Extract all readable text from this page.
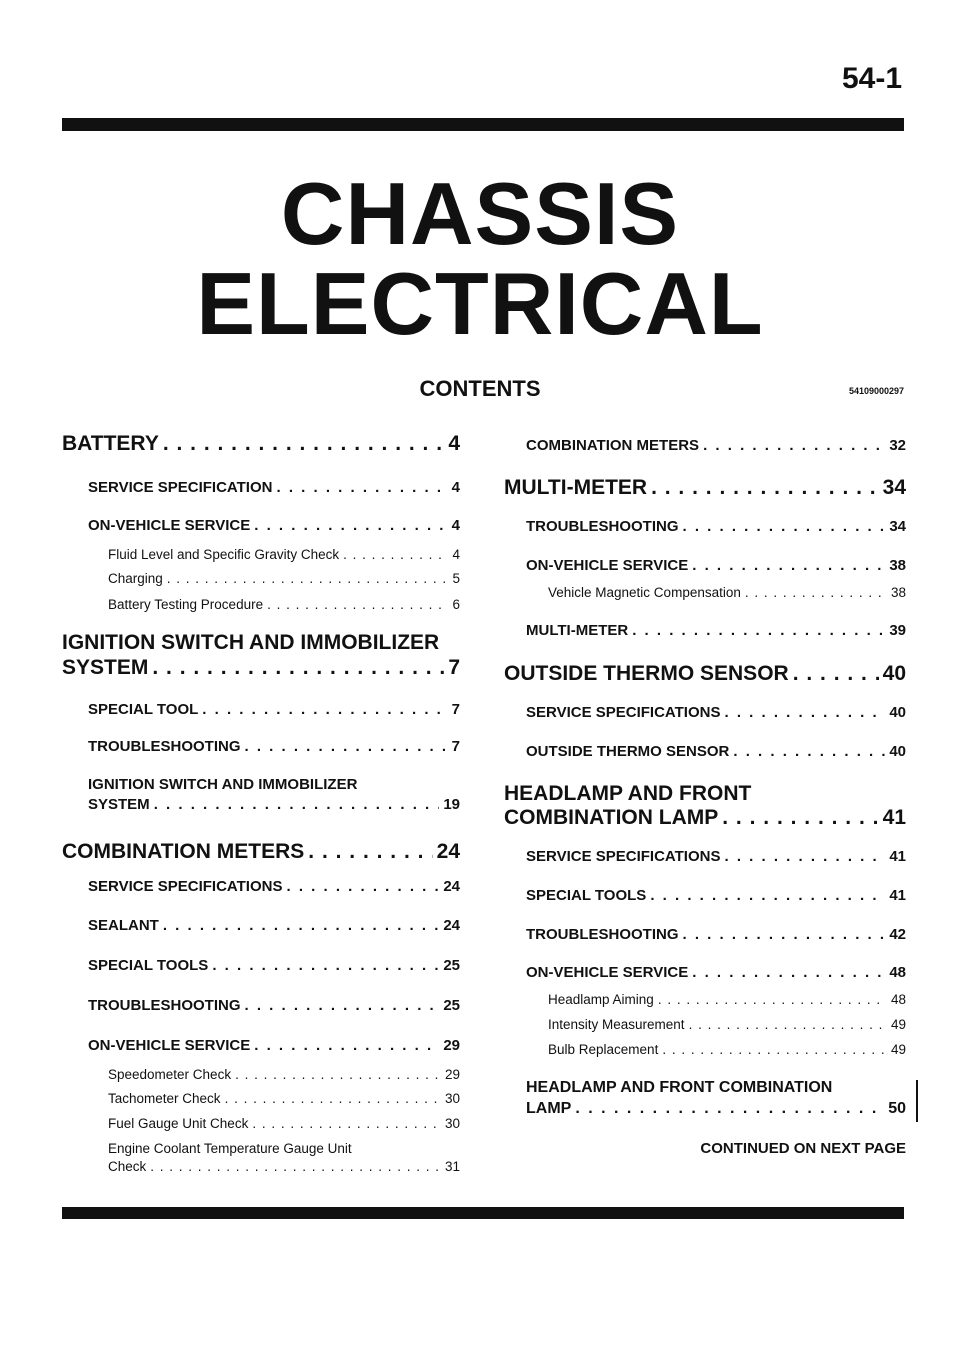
54-1
CHASSIS
ELECTRICAL
CONTENTS	54109000297
BATTERY . . .	4
SERVICE SPECIFICATION . . .	4
ON-VEHICLE SERVICE . . .	4
Fluid Level and Specific Gravity Check . . .	4
Charging . . .	5
Battery Testing Procedure . . .	6
IGNITION SWITCH AND IMMOBILIZER
SYSTEM . . .	7
SPECIAL TOOL . . .	7
TROUBLESHOOTING . . .	7
IGNITION SWITCH AND IMMOBILIZER
SYSTEM . . .	19
COMBINATION METERS . . .	24
SERVICE SPECIFICATIONS . . .	24
SEALANT . . .	24
SPECIAL TOOLS . . .	25
TROUBLESHOOTING . . .	25
ON-VEHICLE SERVICE . . .	29
Speedometer Check . . .	29
Tachometer Check . . .	30
Fuel Gauge Unit Check . . .	30
Engine Coolant Temperature Gauge Unit
Check . . .	31
COMBINATION METERS . . .	32
MULTI-METER . . .	34
TROUBLESHOOTING . . .	34
ON-VEHICLE SERVICE . . .	38
Vehicle Magnetic Compensation . . .	38
MULTI-METER . . .	39
OUTSIDE THERMO SENSOR . . .	40
SERVICE SPECIFICATIONS . . .	40
OUTSIDE THERMO SENSOR . . .	40
HEADLAMP AND FRONT
COMBINATION LAMP . . .	41
SERVICE SPECIFICATIONS . . .	41
SPECIAL TOOLS . . .	41
TROUBLESHOOTING . . .	42
ON-VEHICLE SERVICE . . .	48
Headlamp Aiming . . .	48
Intensity Measurement . . .	49
Bulb Replacement . . .	49
HEADLAMP AND FRONT COMBINATION
LAMP . . .	50
CONTINUED ON NEXT PAGE
